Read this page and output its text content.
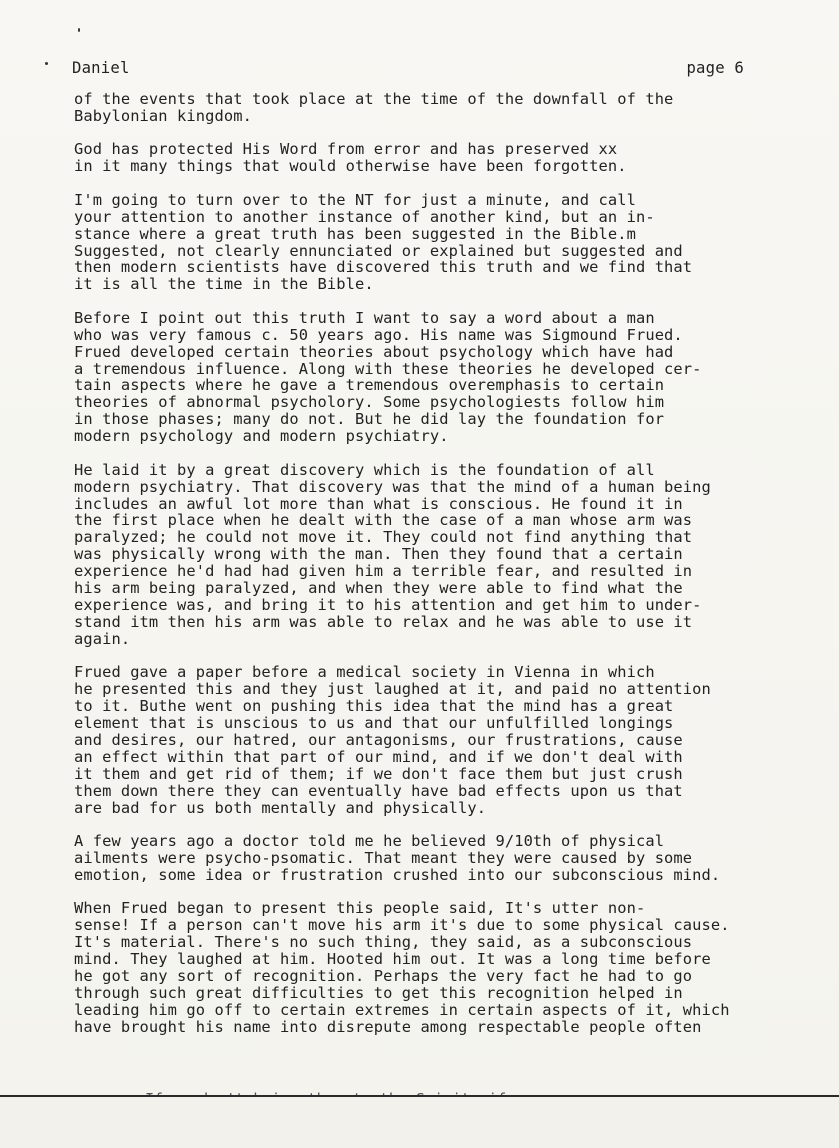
Daniel	page 6

of the events that took place at the time of the downfall of the
Babylonian kingdom.

God has protected His Word from error and has preserved xx
in it many things that would otherwise have been forgotten.

I'm going to turn over to the NT for just a minute, and call
your attention to another instance of another kind, but an in-
stance where a great truth has been suggested in the Bible.m
Suggested, not clearly ennunciated or explained but suggested and
then modern scientists have discovered this truth and we find that
it is all the time in the Bible.

Before I point out this truth I want to say a word about a man
who was very famous c. 50 years ago. His name was Sigmound Frued.
Frued developed certain theories about psychology which have had
a tremendous influence. Along with these theories he developed cer-
tain aspects where he gave a tremendous overemphasis to certain
theories of abnormal psycholory. Some psychologiests follow him
in those phases; many do not. But he did lay the foundation for
modern psychology and modern psychiatry.

He laid it by a great discovery which is the foundation of all
modern psychiatry. That discovery was that the mind of a human being
includes an awful lot more than what is conscious. He found it in
the first place when he dealt with the case of a man whose arm was
paralyzed; he could not move it. They could not find anything that
was physically wrong with the man. Then they found that a certain
experience he'd had had given him a terrible fear, and resulted in
his arm being paralyzed, and when they were able to find what the
experience was, and bring it to his attention and get him to under-
stand itm then his arm was able to relax and he was able to use it
again.

Frued gave a paper before a medical society in Vienna in which
he presented this and they just laughed at it, and paid no attention
to it. Buthe went on pushing this idea that the mind has a great
element that is unscious to us and that our unfulfilled longings
and desires, our hatred, our antagonisms, our frustrations, cause
an effect within that part of our mind, and if we don't deal with
it them and get rid of them; if we don't face them but just crush
them down there they can eventually have bad effects upon us that
are bad for us both mentally and physically.

A few years ago a doctor told me he believed 9/10th of physical
ailments were psycho-psomatic. That meant they were caused by some
emotion, some idea or frustration crushed into our subconscious mind.

When Frued began to present this people said, It's utter non-
sense! If a person can't move his arm it's due to some physical cause.
It's material. There's no such thing, they said, as a subconscious
mind. They laughed at him. Hooted him out. It was a long time before
he got any sort of recognition. Perhaps the very fact he had to go
through such great difficulties to get this recognition helped in
leading him go off to certain extremes in certain aspects of it, which
have brought his name into disrepute among respectable people often
